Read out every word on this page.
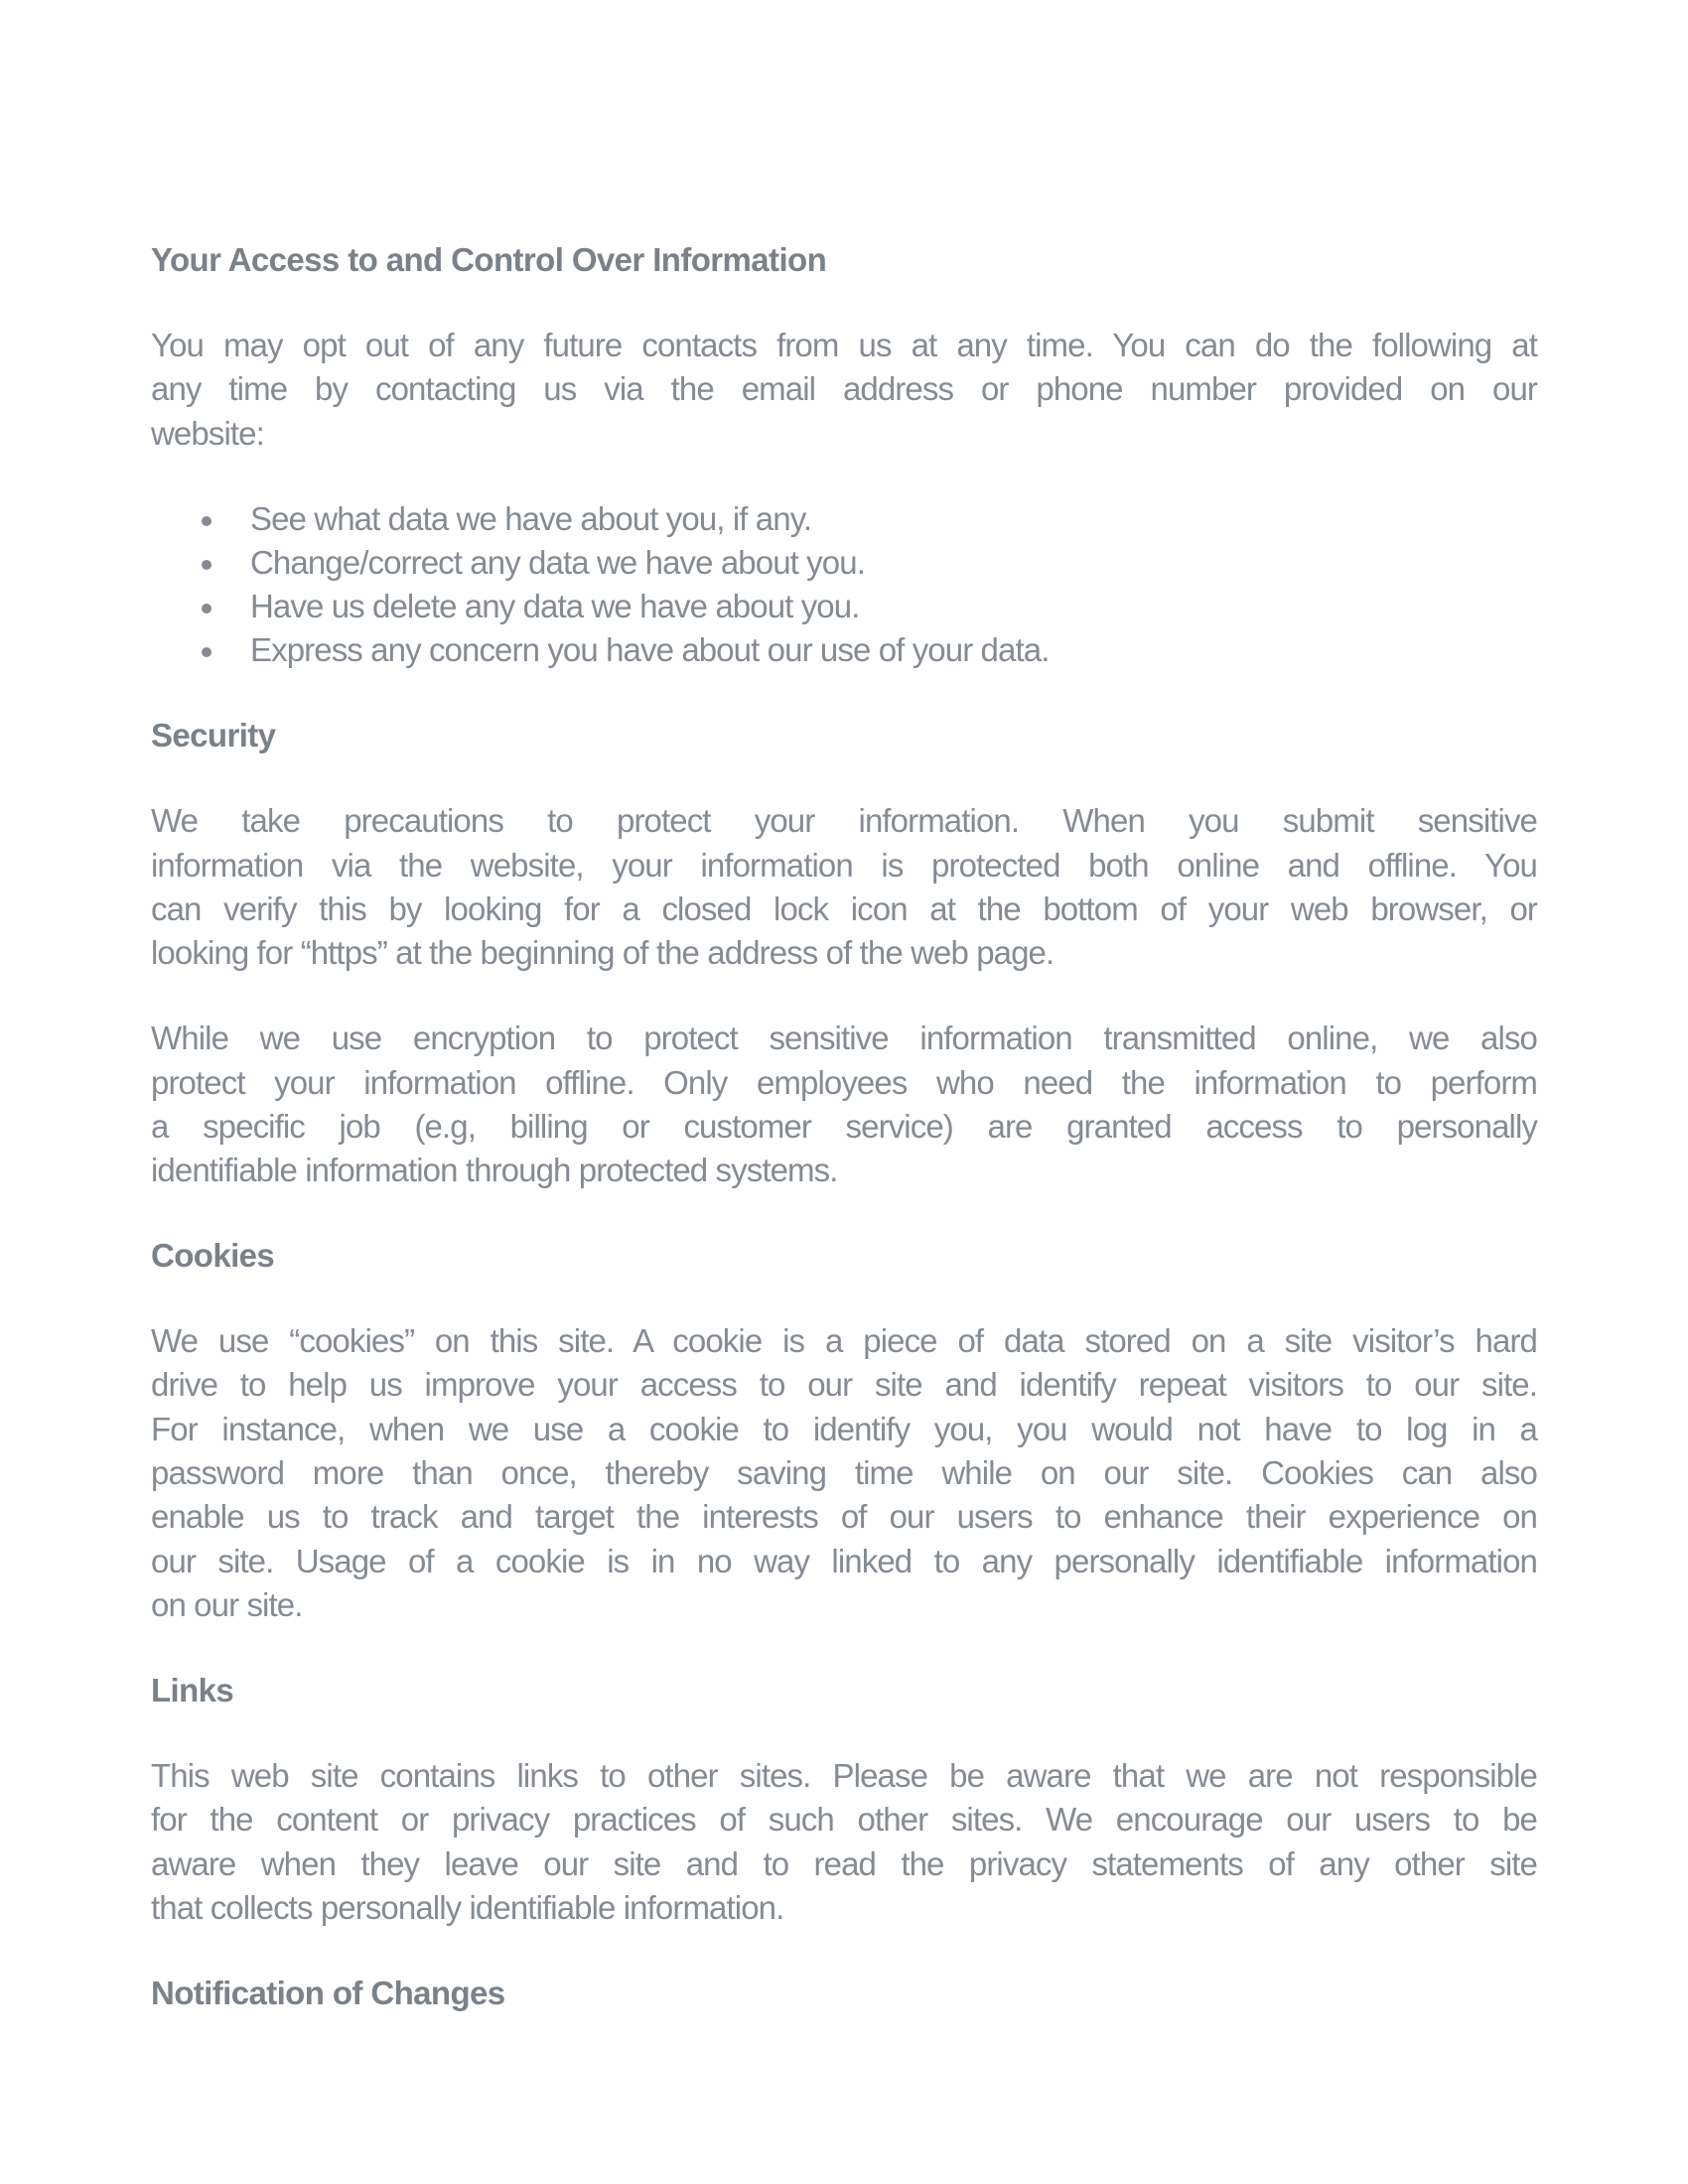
Your Access to and Control Over Information

You may opt out of any future contacts from us at any time. You can do the following at
any time by contacting us via the email address or phone number provided on our
website:

See what data we have about you, if any.
Change/correct any data we have about you.
Have us delete any data we have about you.
Express any concern you have about our use of your data.
Security

We take precautions to protect your information. When you submit sensitive
information via the website, your information is protected both online and offline. You
can verify this by looking for a closed lock icon at the bottom of your web browser, or
looking for “https” at the beginning of the address of the web page.

While we use encryption to protect sensitive information transmitted online, we also
protect your information offline. Only employees who need the information to perform
a specific job (e.g, billing or customer service) are granted access to personally
identifiable information through protected systems.

Cookies

We use “cookies” on this site. A cookie is a piece of data stored on a site visitor’s hard
drive to help us improve your access to our site and identify repeat visitors to our site.
For instance, when we use a cookie to identify you, you would not have to log in a
password more than once, thereby saving time while on our site. Cookies can also
enable us to track and target the interests of our users to enhance their experience on
our site. Usage of a cookie is in no way linked to any personally identifiable information
on our site.

Links

This web site contains links to other sites. Please be aware that we are not responsible
for the content or privacy practices of such other sites. We encourage our users to be
aware when they leave our site and to read the privacy statements of any other site
that collects personally identifiable information.

Notification of Changes
